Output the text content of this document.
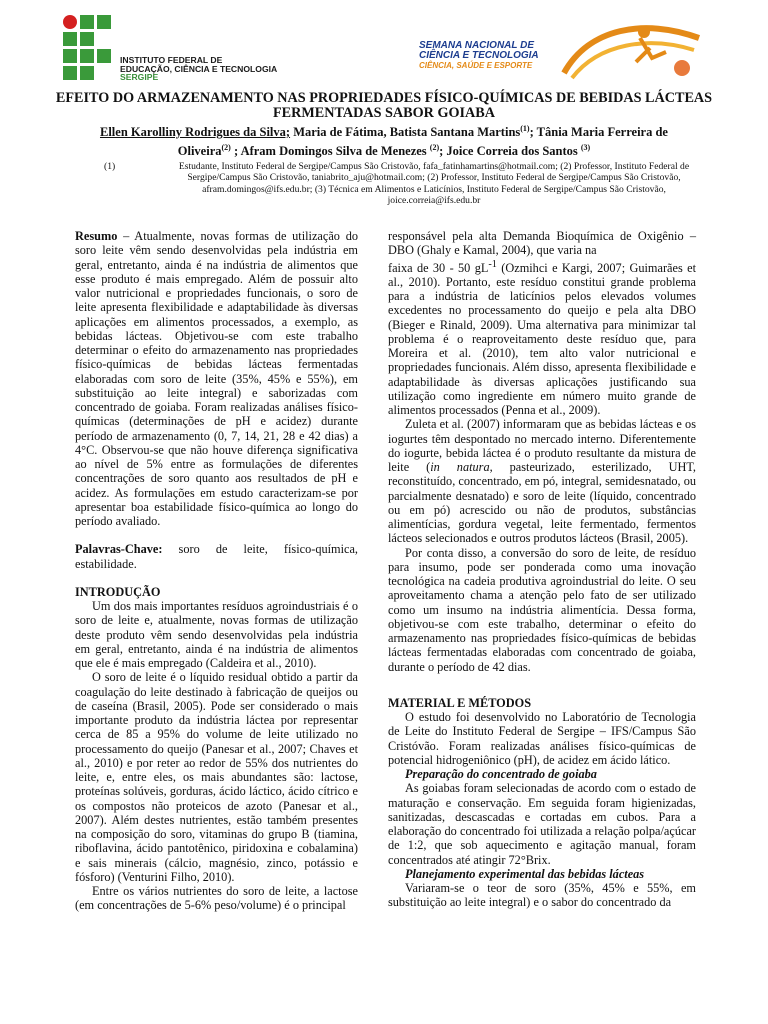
INSTITUTO FEDERAL DE
EDUCAÇÃO, CIÊNCIA E TECNOLOGIA
SERGIPE
SEMANA NACIONAL DE
CIÊNCIA E TECNOLOGIA
CIÊNCIA, SAÚDE E ESPORTE
EFEITO DO ARMAZENAMENTO NAS PROPRIEDADES FÍSICO-QUÍMICAS DE BEBIDAS LÁCTEAS FERMENTADAS SABOR GOIABA
Ellen Karolliny Rodrigues da Silva; Maria de Fátima, Batista Santana Martins$^{(1)}$; Tânia Maria Ferreira de Oliveira$^{(2)}$ ; Afram Domingos Silva de Menezes $^{(2)}$; Joice Correia dos Santos $^{(3)}$
(1)	Estudante, Instituto Federal de Sergipe/Campus São Cristovão, fafa_fatinhamartins@hotmail.com; (2) Professor, Instituto Federal de Sergipe/Campus São Cristovão, taniabrito_aju@hotmail.com; (2) Professor, Instituto Federal de Sergipe/Campus São Cristovão, afram.domingos@ifs.edu.br; (3) Técnica em Alimentos e Laticínios, Instituto Federal de Sergipe/Campus São Cristovão, joice.correia@ifs.edu.br

Resumo – Atualmente, novas formas de utilização do soro leite vêm sendo desenvolvidas pela indústria em geral, entretanto, ainda é na indústria de alimentos que esse produto é mais empregado. Além de possuir alto valor nutricional e propriedades funcionais, o soro de leite apresenta flexibilidade e adaptabilidade às diversas aplicações em alimentos processados, a exemplo, as bebidas lácteas. Objetivou-se com este trabalho determinar o efeito do armazenamento nas propriedades físico-químicas de bebidas lácteas fermentadas elaboradas com soro de leite (35%, 45% e 55%), em substituição ao leite integral) e saborizadas com concentrado de goiaba. Foram realizadas análises físico-químicas (determinações de pH e acidez) durante período de armazenamento (0, 7, 14, 21, 28 e 42 dias) a 4°C. Observou-se que não houve diferença significativa ao nível de 5% entre as formulações de diferentes concentrações de soro quanto aos resultados de pH e acidez. As formulações em estudo caracterizam-se por apresentar boa estabilidade físico-química ao longo do período avaliado.

Palavras-Chave: soro de leite, físico-química, estabilidade.

INTRODUÇÃO

Um dos mais importantes resíduos agroindustriais é o soro de leite e, atualmente, novas formas de utilização deste produto vêm sendo desenvolvidas pela indústria em geral, entretanto, ainda é na indústria de alimentos que ele é mais empregado (Caldeira et al., 2010).

O soro de leite é o líquido residual obtido a partir da coagulação do leite destinado à fabricação de queijos ou de caseína (Brasil, 2005). Pode ser considerado o mais importante produto da indústria láctea por representar cerca de 85 a 95% do volume de leite utilizado no processamento do queijo (Panesar et al., 2007; Chaves et al., 2010) e por reter ao redor de 55% dos nutrientes do leite, e, entre eles, os mais abundantes são: lactose, proteínas solúveis, gorduras, ácido láctico, ácido cítrico e os compostos não proteicos de azoto (Panesar et al., 2007). Além destes nutrientes, estão também presentes na composição do soro, vitaminas do grupo B (tiamina, riboflavina, ácido pantotênico, piridoxina e cobalamina) e sais minerais (cálcio, magnésio, zinco, potássio e fósforo) (Venturini Filho, 2010).

Entre os vários nutrientes do soro de leite, a lactose (em concentrações de 5-6% peso/volume) é o principal

responsável pela alta Demanda Bioquímica de Oxigênio – DBO (Ghaly e Kamal, 2004), que varia na

faixa de 30 - 50 $gL^{-1}$ (Ozmihci e Kargi, 2007; Guimarães et al., 2010). Portanto, este resíduo constitui grande problema para a indústria de laticínios pelos elevados volumes excedentes no processamento do queijo e pela alta DBO (Bieger e Rinald, 2009). Uma alternativa para minimizar tal problema é o reaproveitamento deste resíduo que, para Moreira et al. (2010), tem alto valor nutricional e propriedades funcionais. Além disso, apresenta flexibilidade e adaptabilidade às diversas aplicações justificando sua utilização como ingrediente em número muito grande de alimentos processados (Penna et al., 2009).

Zuleta et al. (2007) informaram que as bebidas lácteas e os iogurtes têm despontado no mercado interno. Diferentemente do iogurte, bebida láctea é o produto resultante da mistura de leite (in natura, pasteurizado, esterilizado, UHT, reconstituído, concentrado, em pó, integral, semidesnatado, ou parcialmente desnatado) e soro de leite (líquido, concentrado ou em pó) acrescido ou não de produtos, substâncias alimentícias, gordura vegetal, leite fermentado, fermentos lácteos selecionados e outros produtos lácteos (Brasil, 2005).

Por conta disso, a conversão do soro de leite, de resíduo para insumo, pode ser ponderada como uma inovação tecnológica na cadeia produtiva agroindustrial do leite. O seu aproveitamento chama a atenção pelo fato de ser utilizado como um insumo na indústria alimentícia. Dessa forma, objetivou-se com este trabalho, determinar o efeito do armazenamento nas propriedades físico-químicas de bebidas lácteas fermentadas elaboradas com concentrado de goiaba, durante o período de 42 dias.

MATERIAL E MÉTODOS

O estudo foi desenvolvido no Laboratório de Tecnologia de Leite do Instituto Federal de Sergipe – IFS/Campus São Cristóvão. Foram realizadas análises físico-químicas de potencial hidrogeniônico (pH), de acidez em ácido lático.

Preparação do concentrado de goiaba

As goiabas foram selecionadas de acordo com o estado de maturação e conservação. Em seguida foram higienizadas, sanitizadas, descascadas e cortadas em cubos. Para a elaboração do concentrado foi utilizada a relação polpa/açúcar de 1:2, que sob aquecimento e agitação manual, foram concentrados até atingir 72°Brix.

Planejamento experimental das bebidas lácteas

Variaram-se o teor de soro (35%, 45% e 55%, em substituição ao leite integral) e o sabor do concentrado da
